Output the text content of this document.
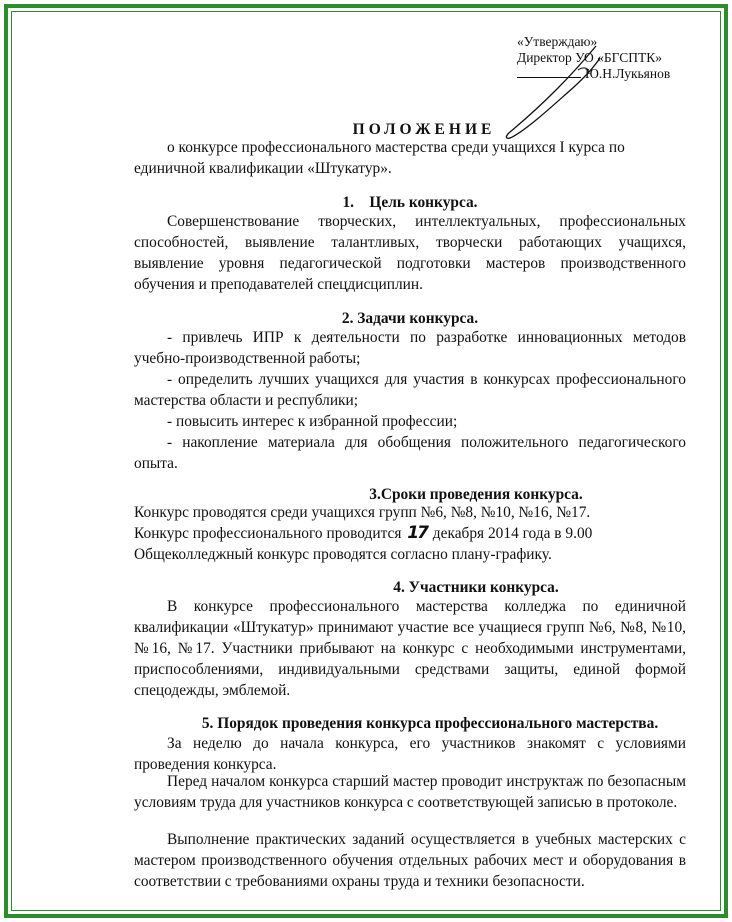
«Утверждаю»
Директор УО «БГСПТК»
Ю.Н.Лукьянов
ПОЛОЖЕНИЕ
о конкурсе профессионального мастерства среди учащихся I курса по единичной квалификации «Штукатур».
1.    Цель конкурса.
Совершенствование творческих, интеллектуальных, профессиональных способностей, выявление талантливых, творчески работающих учащихся, выявление уровня педагогической подготовки мастеров производственного обучения и преподавателей спецдисциплин.
2. Задачи конкурса.
- привлечь ИПР к деятельности по разработке инновационных методов учебно-производственной работы;
- определить лучших учащихся для участия в конкурсах профессионального мастерства области и республики;
- повысить интерес к избранной профессии;
- накопление материала для обобщения положительного педагогического опыта.
3.Сроки проведения конкурса.
Конкурс проводятся среди учащихся групп №6, №8, №10, №16, №17.
Конкурс профессионального проводится 17 декабря 2014 года в 9.00
Общеколледжный конкурс проводятся согласно плану-графику.
4. Участники конкурса.
В конкурсе профессионального мастерства колледжа по единичной квалификации «Штукатур» принимают участие все учащиеся групп №6, №8, №10, №16, №17. Участники прибывают на конкурс с необходимыми инструментами, приспособлениями, индивидуальными средствами защиты, единой формой спецодежды, эмблемой.
5. Порядок проведения конкурса профессионального мастерства.
За неделю до начала конкурса, его участников знакомят с условиями проведения конкурса.
Перед началом конкурса старший мастер проводит инструктаж по безопасным условиям труда для участников конкурса с соответствующей записью в протоколе.
Выполнение практических заданий осуществляется в учебных мастерских с мастером производственного обучения отдельных рабочих мест и оборудования в соответствии с требованиями охраны труда и техники безопасности.
